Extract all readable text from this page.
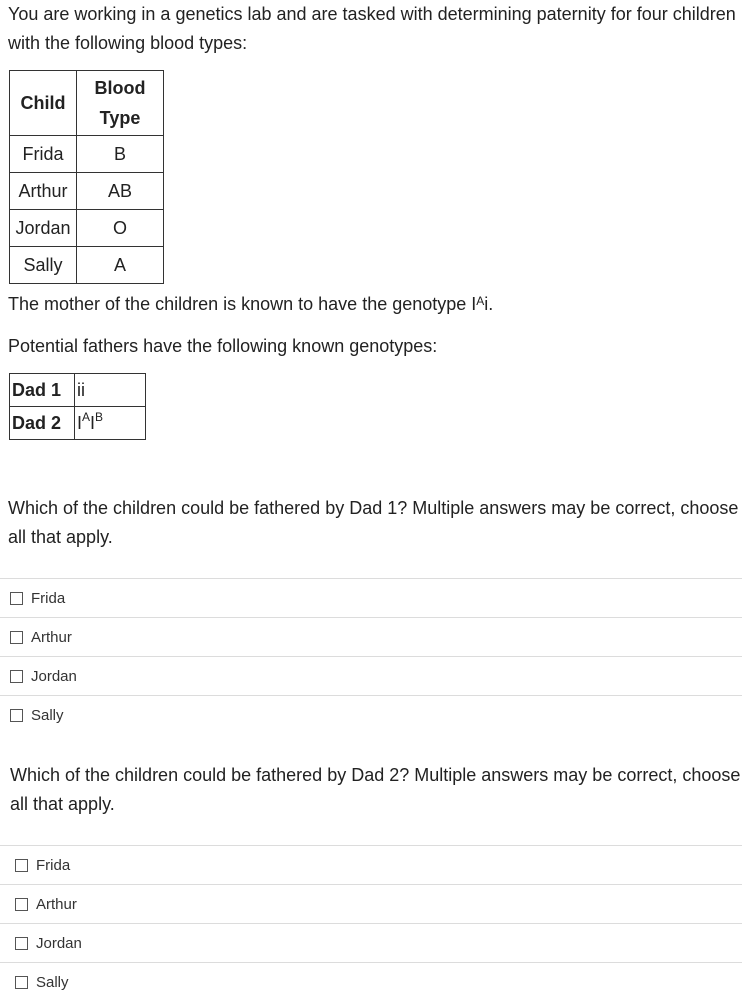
You are working in a genetics lab and are tasked with determining paternity for four children with the following blood types:
Child	Blood Type
Frida	B
Arthur	AB
Jordan	O
Sally	A
The mother of the children is known to have the genotype $I^Ai$.
Potential fathers have the following known genotypes:
Dad 1	ii
Dad 2	$I^AI^B$
Which of the children could be fathered by Dad 1? Multiple answers may be correct, choose all that apply.
Frida
Arthur
Jordan
Sally
Which of the children could be fathered by Dad 2? Multiple answers may be correct, choose all that apply.
Frida
Arthur
Jordan
Sally
